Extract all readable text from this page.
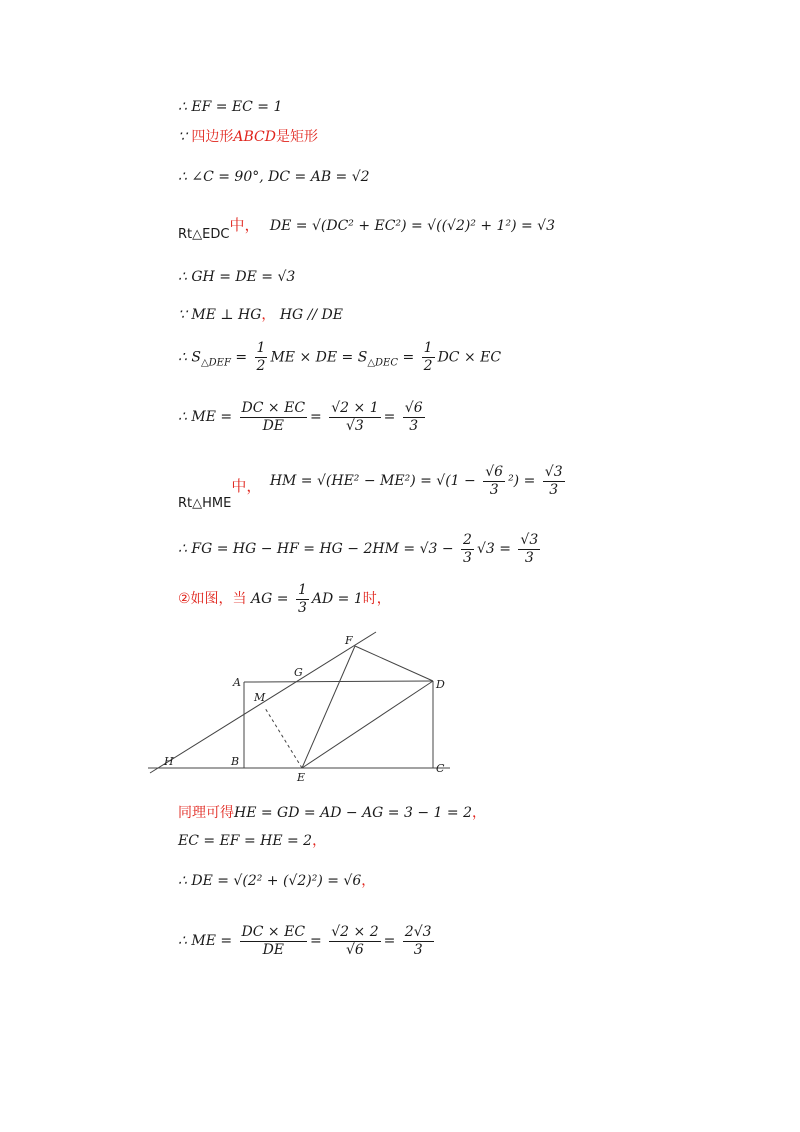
∴ EF = EC = 1
∵ 四边形ABCD是矩形
∴ ∠C = 90°, DC = AB = √2
Rt△EDC中， DE = √(DC² + EC²) = √((√2)² + 1²) = √3
∴ GH = DE = √3
∵ ME ⊥ HG， HG // DE
∴ $S_{\triangle DEF} = \frac{1}{2}$ ME × DE = $S_{\triangle DEC} = \frac{1}{2}$ DC × EC
∴ ME = $\frac{DC \times EC}{DE} = \frac{√2 \times 1}{√3} = \frac{√6}{3}$
Rt△HME中， HM = $√(HE^2 - ME^2) = √(1 - \frac{√6}{3} ^2) = \frac{√3}{3}$
∴ FG = HG − HF = HG − $2HM = √3 - \frac{2}{3} √3 = \frac{√3}{3}$
②如图，当 AG = $\frac{1}{3}$ AD = 1时，
F
A
G
D
M
H	B
E
C
同理可得HE = GD = AD − AG = 3 − 1 = 2，
EC = EF = HE = 2，
∴ DE = √(2² + (√2)²) = √6，
∴ ME = $\frac{DC \times EC}{DE} = \frac{√2 \times 2}{√6} = \frac{2√3}{3}$
